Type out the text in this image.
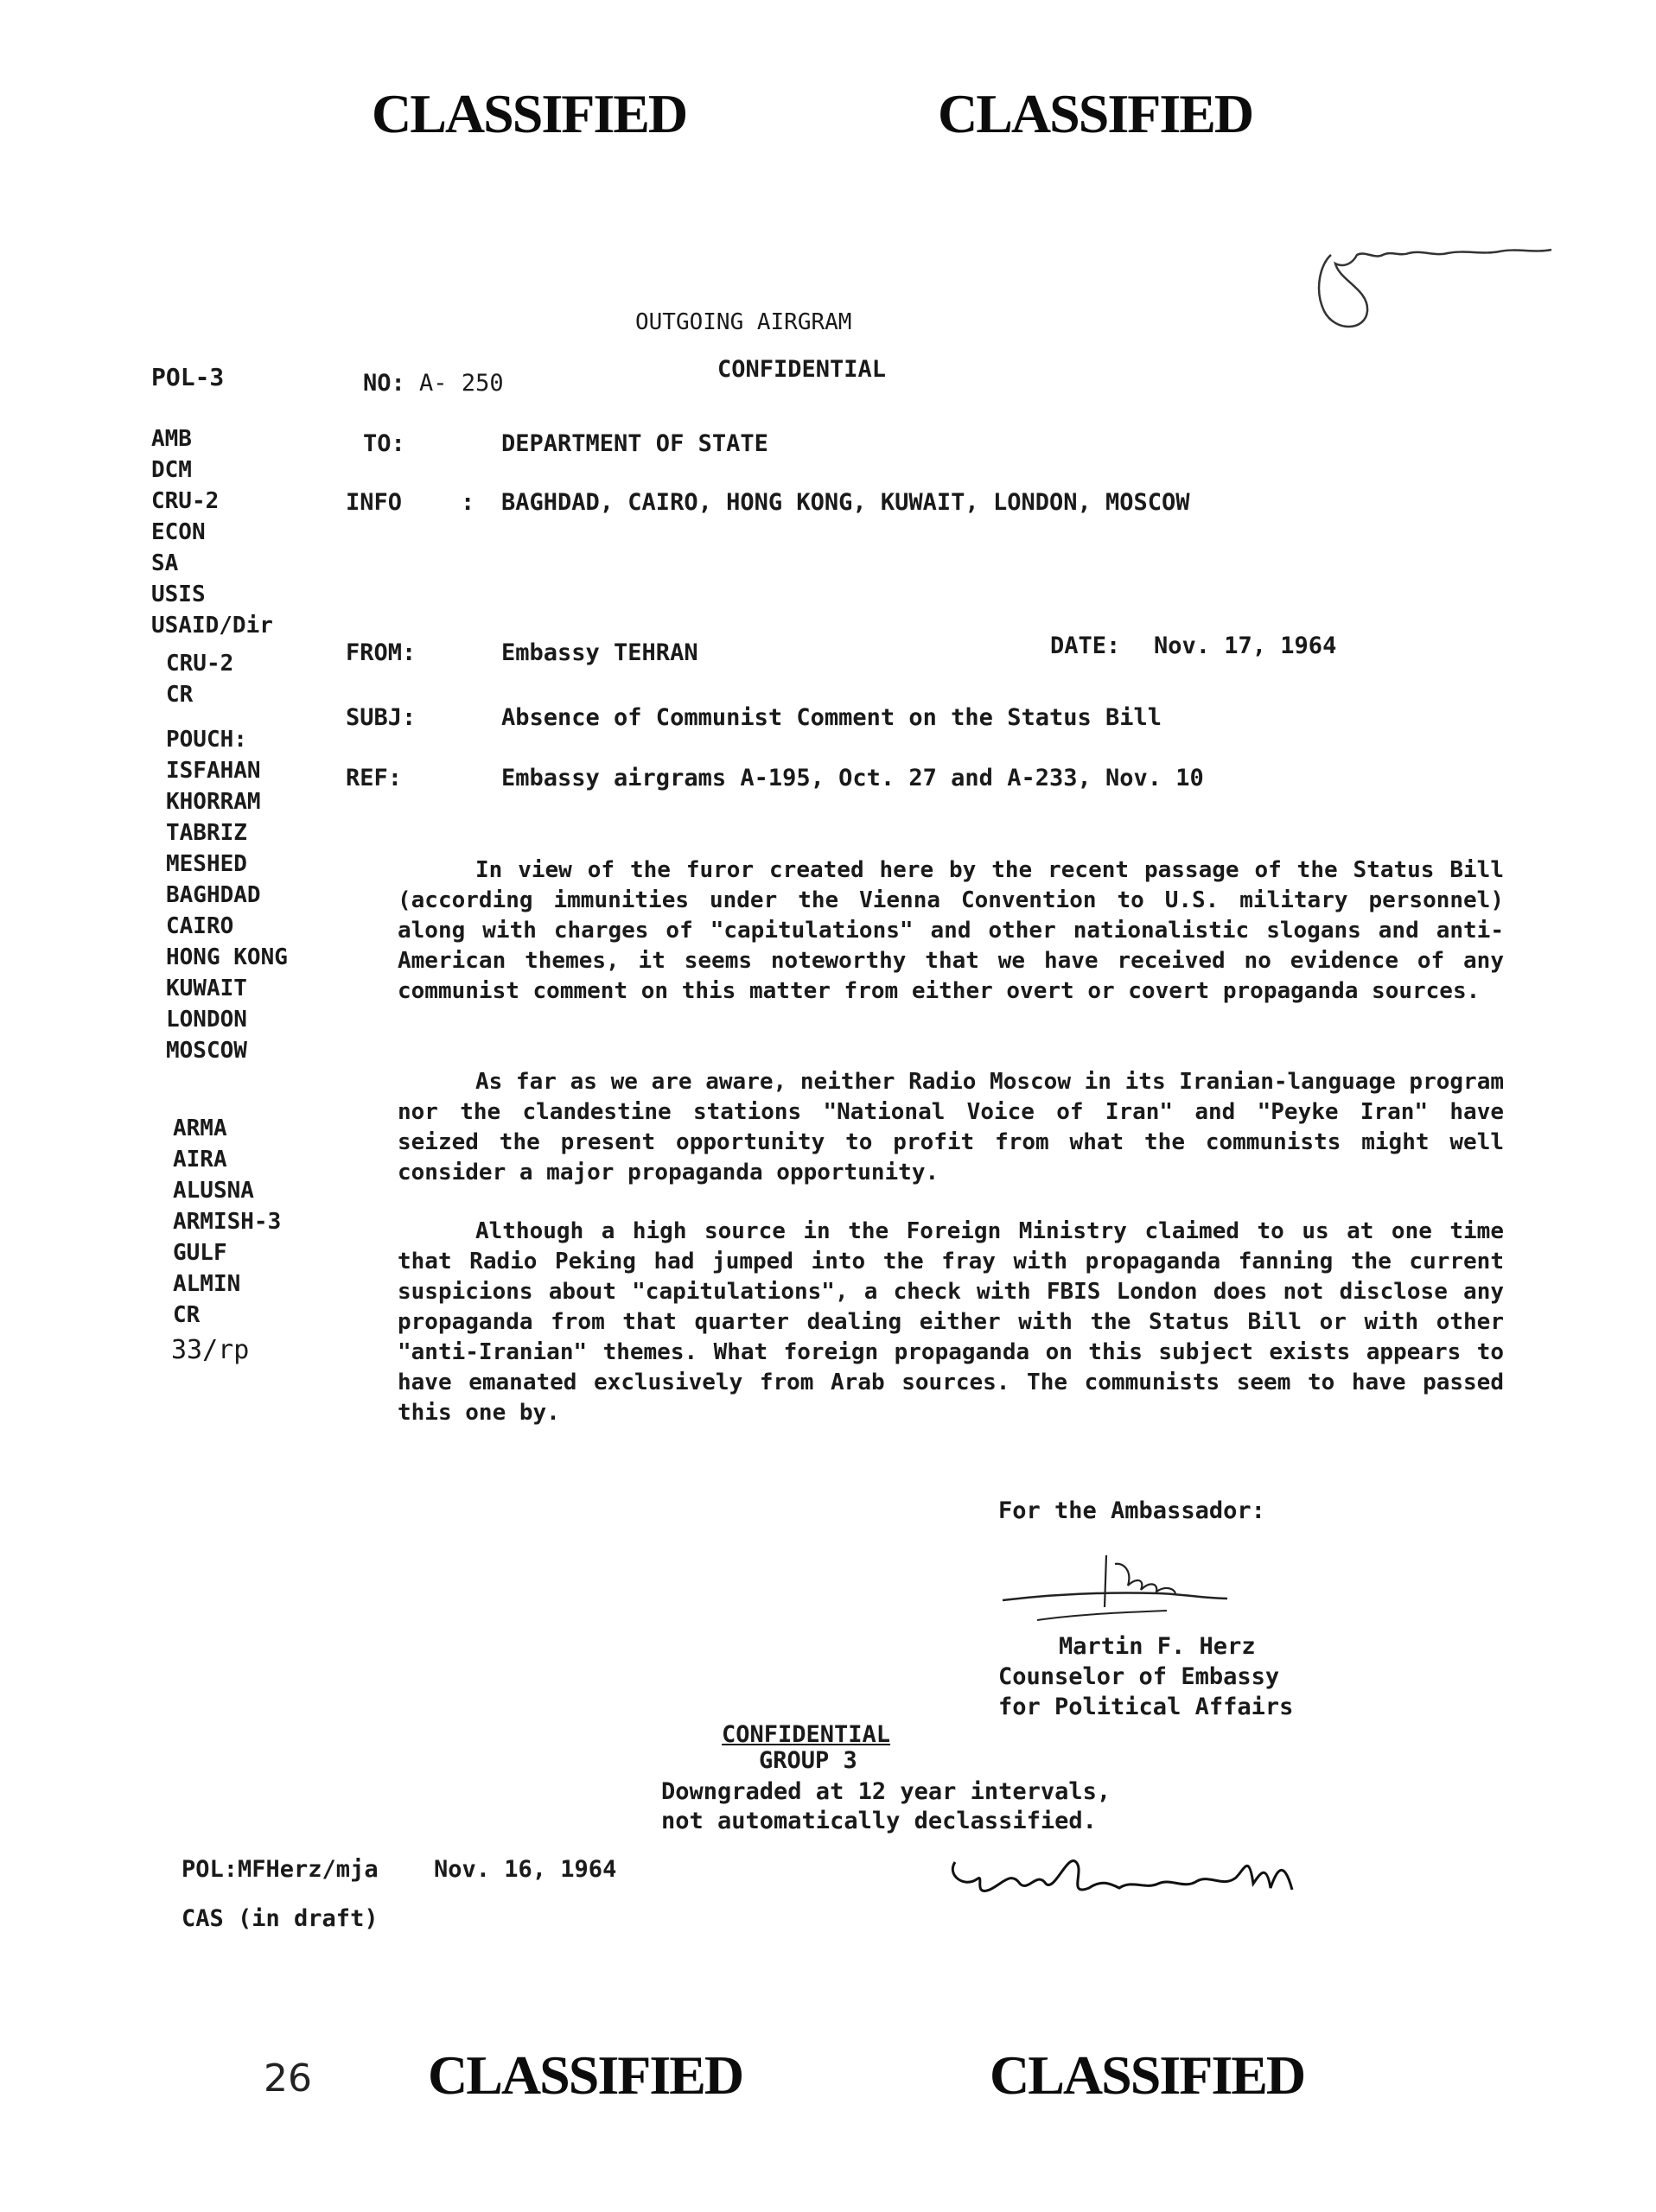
CLASSIFIED	CLASSIFIED
OUTGOING AIRGRAM
CONFIDENTIAL
POL-3	NO: A- 250
AMB
DCM
CRU-2
ECON
SA
USIS
USAID/Dir
CRU-2
CR
POUCH:
ISFAHAN
KHORRAM
TABRIZ
MESHED
BAGHDAD
CAIRO
HONG KONG
KUWAIT
LONDON
MOSCOW
ARMA
AIRA
ALUSNA
ARMISH-3
GULF
ALMIN
CR
33/rp
TO:	DEPARTMENT OF STATE
INFO	: BAGHDAD, CAIRO, HONG KONG, KUWAIT, LONDON, MOSCOW
FROM:	Embassy TEHRAN	DATE: Nov. 17, 1964
SUBJ:	Absence of Communist Comment on the Status Bill
REF:	Embassy airgrams A-195, Oct. 27 and A-233, Nov. 10
In view of the furor created here by the recent passage of the Status Bill (according immunities under the Vienna Convention to U.S. military personnel) along with charges of "capitulations" and other nationalistic slogans and anti-American themes, it seems noteworthy that we have received no evidence of any communist comment on this matter from either overt or covert propaganda sources.
As far as we are aware, neither Radio Moscow in its Iranian-language program nor the clandestine stations "National Voice of Iran" and "Peyke Iran" have seized the present opportunity to profit from what the communists might well consider a major propaganda opportunity.
Although a high source in the Foreign Ministry claimed to us at one time that Radio Peking had jumped into the fray with propaganda fanning the current suspicions about "capitulations", a check with FBIS London does not disclose any propaganda from that quarter dealing either with the Status Bill or with other "anti-Iranian" themes. What foreign propaganda on this subject exists appears to have emanated exclusively from Arab sources. The communists seem to have passed this one by.
For the Ambassador:
Martin F. Herz
Counselor of Embassy
for Political Affairs
CONFIDENTIAL
GROUP 3
Downgraded at 12 year intervals,
not automatically declassified.
POL:MFHerz/mja Nov. 16, 1964
CAS (in draft)
26 CLASSIFIED	CLASSIFIED
